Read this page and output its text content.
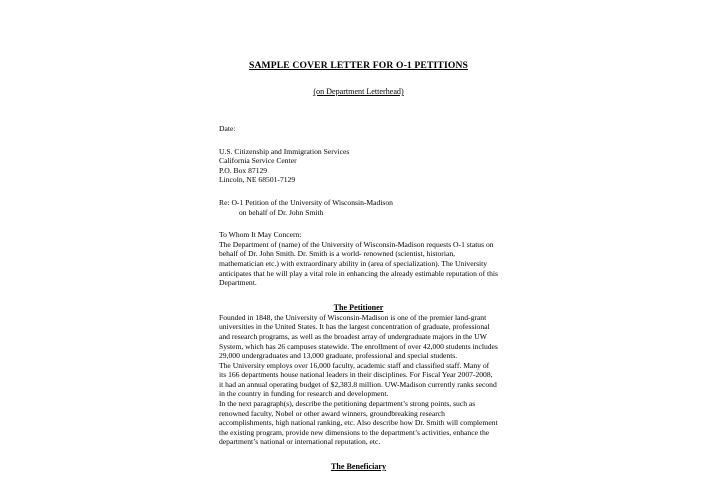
SAMPLE COVER LETTER FOR O-1 PETITIONS
(on Department Letterhead)
Date:
U.S. Citizenship and Immigration Services
California Service Center
P.O. Box 87129
Lincoln, NE 68501-7129
Re: O-1 Petition of the University of Wisconsin-Madison
on behalf of Dr. John Smith
To Whom It May Concern:

The Department of (name) of the University of Wisconsin-Madison requests O-1 status on behalf of Dr. John Smith. Dr. Smith is a world- renowned (scientist, historian, mathematician etc.) with extraordinary ability in (area of specialization). The University anticipates that he will play a vital role in enhancing the already estimable reputation of this Department.

The Petitioner

Founded in 1848, the University of Wisconsin-Madison is one of the premier land-grant universities in the United States. It has the largest concentration of graduate, professional and research programs, as well as the broadest array of undergraduate majors in the UW System, which has 26 campuses statewide. The enrollment of over 42,000 students includes 29,000 undergraduates and 13,000 graduate, professional and special students.

The University employs over 16,000 faculty, academic staff and classified staff. Many of its 166 departments house national leaders in their disciplines. For Fiscal Year 2007-2008, it had an annual operating budget of $2,383.8 million. UW-Madison currently ranks second in the country in funding for research and development.

In the next paragraph(s), describe the petitioning department’s strong points, such as renowned faculty, Nobel or other award winners, groundbreaking research accomplishments, high national ranking, etc. Also describe how Dr. Smith will complement the existing program, provide new dimensions to the department’s activities, enhance the department’s national or international reputation, etc.

The Beneficiary
